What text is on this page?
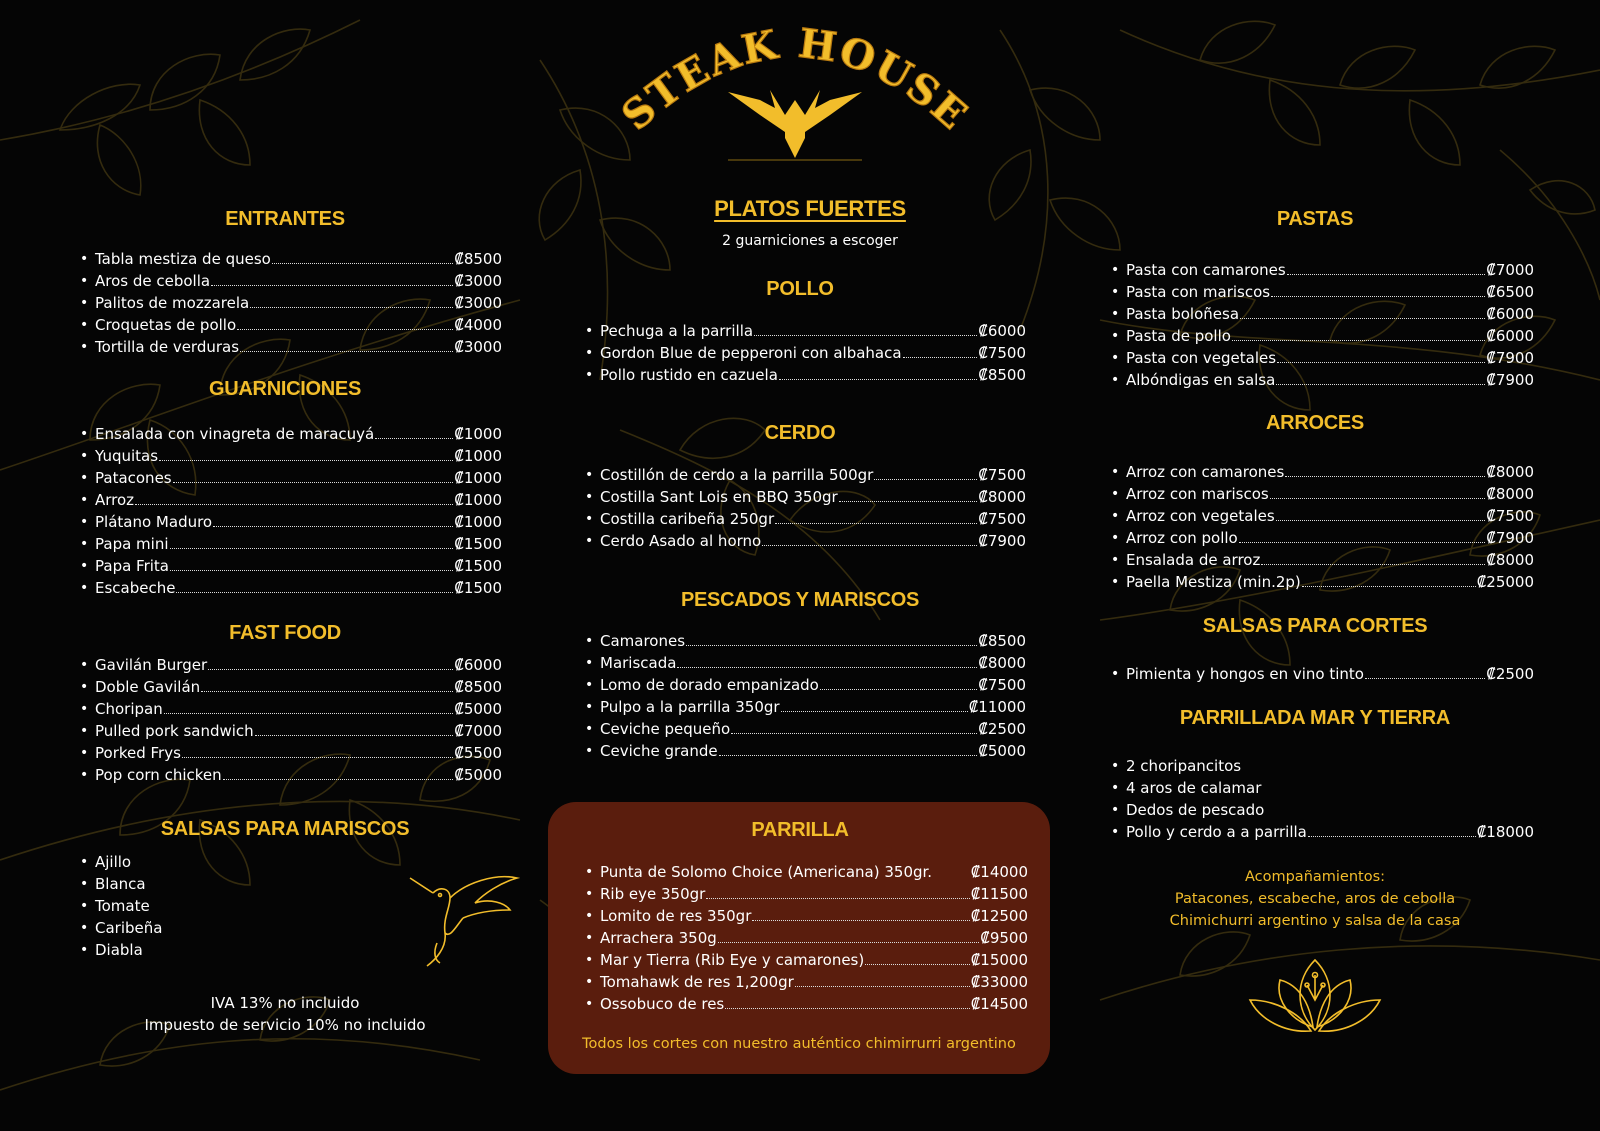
STEAK HOUSE
ENTRANTES
• Tabla mestiza de queso	₡8500
• Aros de cebolla	₡3000
• Palitos de mozzarela	₡3000
• Croquetas de pollo	₡4000
• Tortilla de verduras	₡3000
GUARNICIONES
• Ensalada con vinagreta de maracuyá	₡1000
• Yuquitas	₡1000
• Patacones	₡1000
• Arroz	₡1000
• Plátano Maduro	₡1000
• Papa mini	₡1500
• Papa Frita	₡1500
• Escabeche	₡1500
FAST FOOD
• Gavilán Burger	₡6000
• Doble Gavilán	₡8500
• Choripan	₡5000
• Pulled pork sandwich	₡7000
• Porked Frys	₡5500
• Pop corn chicken	₡5000
SALSAS PARA MARISCOS
• Ajillo
• Blanca
• Tomate
• Caribeña
• Diabla
IVA 13% no incluido
Impuesto de servicio 10% no incluido
PLATOS FUERTES
2 guarniciones a escoger
POLLO
• Pechuga a la parrilla	₡6000
• Gordon Blue de pepperoni con albahaca	₡7500
• Pollo rustido en cazuela	₡8500
CERDO
• Costillón de cerdo a la parrilla 500gr	₡7500
• Costilla Sant Lois en BBQ 350gr	₡8000
• Costilla caribeña 250gr	₡7500
• Cerdo Asado al horno	₡7900
PESCADOS Y MARISCOS
• Camarones	₡8500
• Mariscada	₡8000
• Lomo de dorado empanizado	₡7500
• Pulpo a la parrilla 350gr	₡11000
• Ceviche pequeño	₡2500
• Ceviche grande	₡5000
PARRILLA
• Punta de Solomo Choice (Americana) 350gr.	₡14000
• Rib eye 350gr	₡11500
• Lomito de res 350gr	₡12500
• Arrachera 350g	₡9500
• Mar y Tierra (Rib Eye y camarones)	₡15000
• Tomahawk de res 1,200gr	₡33000
• Ossobuco de res	₡14500
Todos los cortes con nuestro auténtico chimirrurri argentino
PASTAS
• Pasta con camarones	₡7000
• Pasta con mariscos	₡6500
• Pasta boloñesa	₡6000
• Pasta de pollo	₡6000
• Pasta con vegetales	₡7900
• Albóndigas en salsa	₡7900
ARROCES
• Arroz con camarones	₡8000
• Arroz con mariscos	₡8000
• Arroz con vegetales	₡7500
• Arroz con pollo	₡7900
• Ensalada de arroz	₡8000
• Paella Mestiza (min.2p)	₡25000
SALSAS PARA CORTES
• Pimienta y hongos en vino tinto	₡2500
PARRILLADA MAR Y TIERRA
• 2 choripancitos
• 4 aros de calamar
• Dedos de pescado
• Pollo y cerdo a a parrilla	₡18000
Acompañamientos:
Patacones, escabeche, aros de cebolla
Chimichurri argentino y salsa de la casa
